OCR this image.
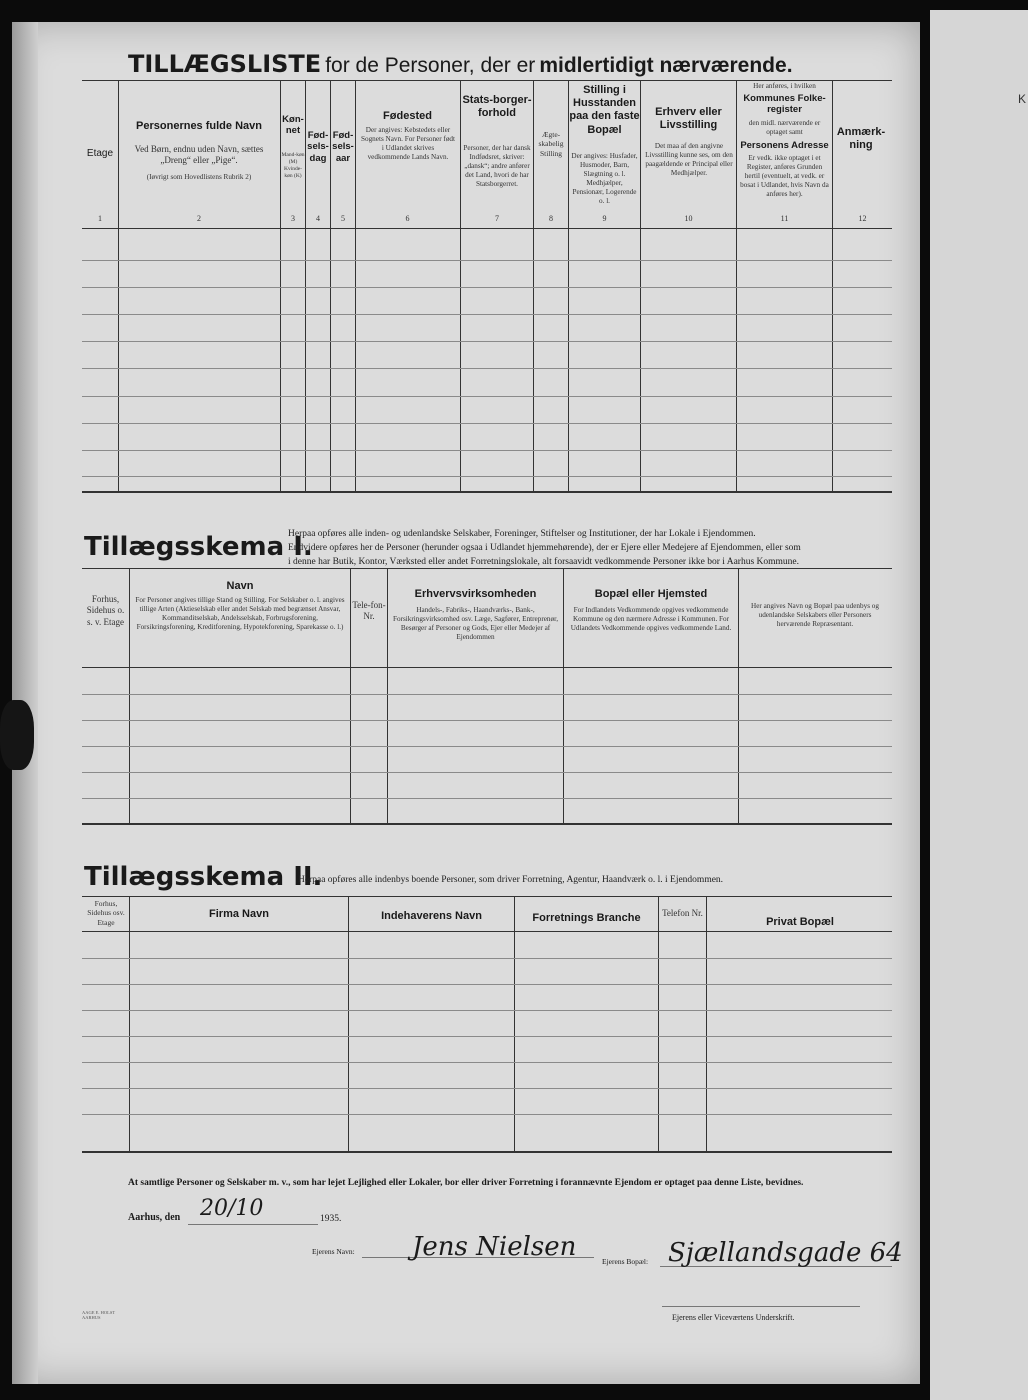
K
TILLÆGSLISTE for de Personer, der er midlertidigt nærværende.
Etage
1
Personernes fulde Navn
Ved Børn, endnu uden Navn, sættes „Dreng“ eller „Pige“.
(Iøvrigt som Hovedlistens Rubrik 2)
2
Køn-net
Mand-køn (M) Kvinde-køn (K)
3
Fød-sels-dag
4
Fød-sels-aar
5
Fødested
Der angives: Kebstedets eller Sognets Navn. For Personer født i Udlandet skrives vedkommende Lands Navn.
6
Stats-borger-forhold
Personer, der har dansk Indfødsret, skriver: „dansk“; andre anfører det Land, hvori de har Statsborgerret.
7
Ægte-skabelig Stilling
8
Stilling i Husstanden paa den faste Bopæl
Der angives: Husfader, Husmoder, Barn, Slægtning o. l. Medhjælper, Pensionær, Logerende o. l.
9
Erhverv eller Livsstilling
Det maa af den angivne Livsstilling kunne ses, om den paagældende er Principal eller Medhjælper.
10
Her anføres, i hvilken
Kommunes Folke-register
den midl. nærværende er optaget samt
Personens Adresse
Er vedk. ikke optaget i et Register, anføres Grunden hertil (eventuelt, at vedk. er bosat i Udlandet, hvis Navn da anføres her).
11
Anmærk-ning
12
Tillægsskema I.
Herpaa opføres alle inden- og udenlandske Selskaber, Foreninger, Stiftelser og Institutioner, der har Lokale i Ejendommen.
Endvidere opføres her de Personer (herunder ogsaa i Udlandet hjemmehørende), der er Ejere eller Medejere af Ejendommen, eller som
i denne har Butik, Kontor, Værksted eller andet Forretningslokale, alt forsaavidt vedkommende Personer ikke bor i Aarhus Kommune.
Forhus, Sidehus o. s. v. Etage
Navn
For Personer angives tillige Stand og Stilling. For Selskaber o. l. angives tillige Arten (Aktieselskab eller andet Selskab med begrænset Ansvar, Kommanditselskab, Andelsselskab, Forbrugsforening, Forsikringsforening, Kreditforening, Hypotekforening, Sparekasse o. l.)
Tele-fon-Nr.
Erhvervsvirksomheden
Handels-, Fabriks-, Haandværks-, Bank-, Forsikringsvirksomhed osv. Læge, Sagfører, Entreprenør, Besørger af Personer og Gods, Ejer eller Medejer af Ejendommen
Bopæl eller Hjemsted
For Indlandets Vedkommende opgives vedkommende Kommune og den nærmere Adresse i Kommunen. For Udlandets Vedkommende opgives vedkommende Land.
Her angives Navn og Bopæl paa udenbys og udenlandske Selskabers eller Personers herværende Repræsentant.
Tillægsskema II.
Herpaa opføres alle indenbys boende Personer, som driver Forretning, Agentur, Haandværk o. l. i Ejendommen.
Forhus, Sidehus osv. Etage
Firma Navn	Indehaverens Navn	Forretnings Branche	Telefon Nr.
Privat Bopæl
At samtlige Personer og Selskaber m. v., som har lejet Lejlighed eller Lokaler, bor eller driver Forretning i forannævnte Ejendom er optaget paa denne Liste, bevidnes.
Aarhus, den 20/10	1935.
Ejerens Navn: Jens Nielsen	Ejerens Bopæl: Sjællandsgade 64
Ejerens eller Viceværtens Underskrift.
AAGE E. HOLST AARHUS
